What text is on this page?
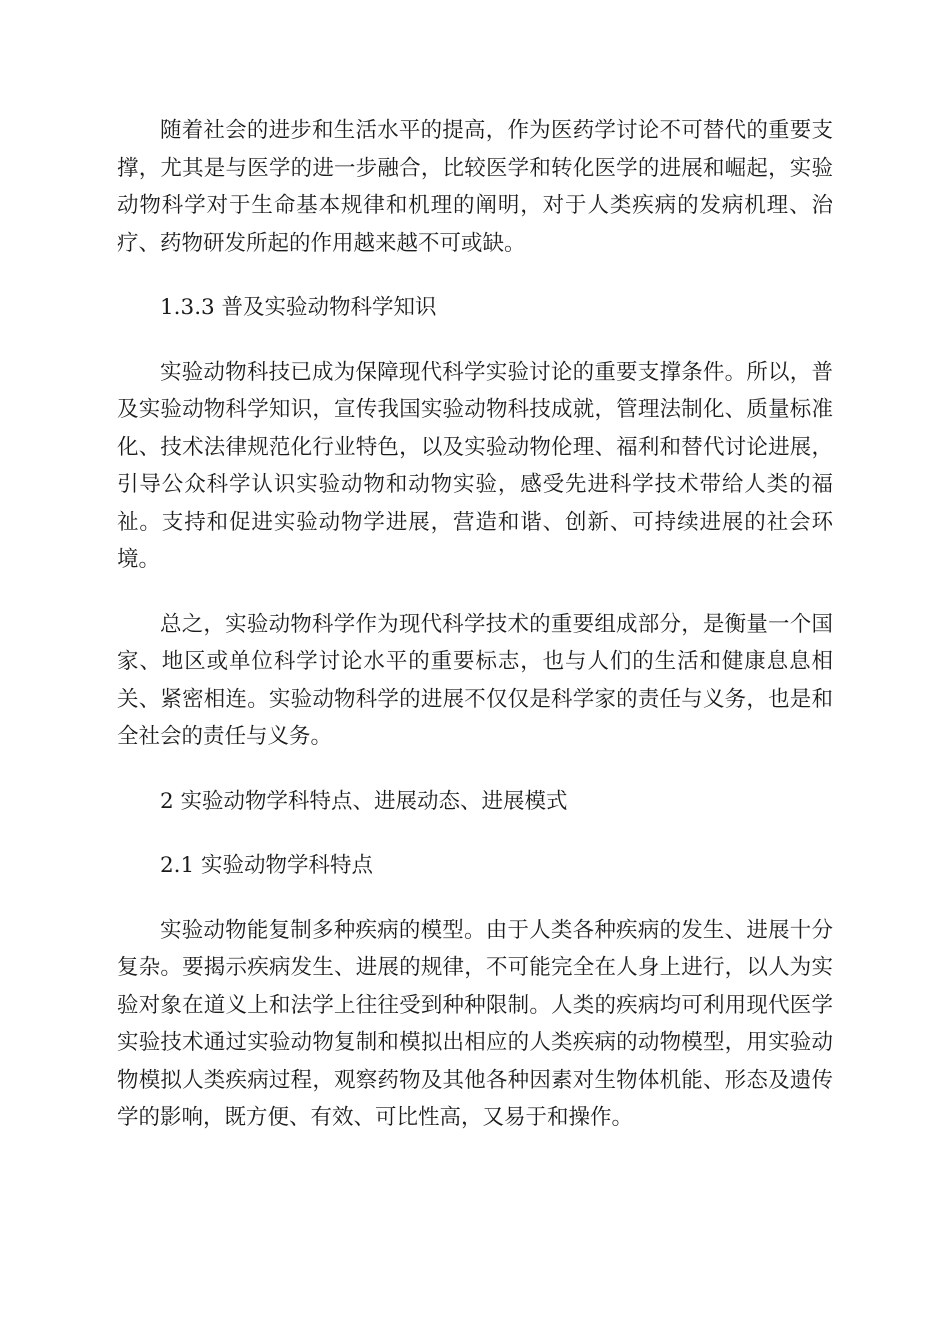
随着社会的进步和生活水平的提高，作为医药学讨论不可替代的重要支撑，尤其是与医学的进一步融合，比较医学和转化医学的进展和崛起，实验动物科学对于生命基本规律和机理的阐明，对于人类疾病的发病机理、治疗、药物研发所起的作用越来越不可或缺。

1.3.3 普及实验动物科学知识

实验动物科技已成为保障现代科学实验讨论的重要支撑条件。所以，普及实验动物科学知识，宣传我国实验动物科技成就，管理法制化、质量标准化、技术法律规范化行业特色，以及实验动物伦理、福利和替代讨论进展，引导公众科学认识实验动物和动物实验，感受先进科学技术带给人类的福祉。支持和促进实验动物学进展，营造和谐、创新、可持续进展的社会环境。

总之，实验动物科学作为现代科学技术的重要组成部分，是衡量一个国家、地区或单位科学讨论水平的重要标志，也与人们的生活和健康息息相关、紧密相连。实验动物科学的进展不仅仅是科学家的责任与义务，也是和全社会的责任与义务。

2 实验动物学科特点、进展动态、进展模式

2.1 实验动物学科特点

实验动物能复制多种疾病的模型。由于人类各种疾病的发生、进展十分复杂。要揭示疾病发生、进展的规律，不可能完全在人身上进行，以人为实验对象在道义上和法学上往往受到种种限制。人类的疾病均可利用现代医学实验技术通过实验动物复制和模拟出相应的人类疾病的动物模型，用实验动物模拟人类疾病过程，观察药物及其他各种因素对生物体机能、形态及遗传学的影响，既方便、有效、可比性高，又易于和操作。
